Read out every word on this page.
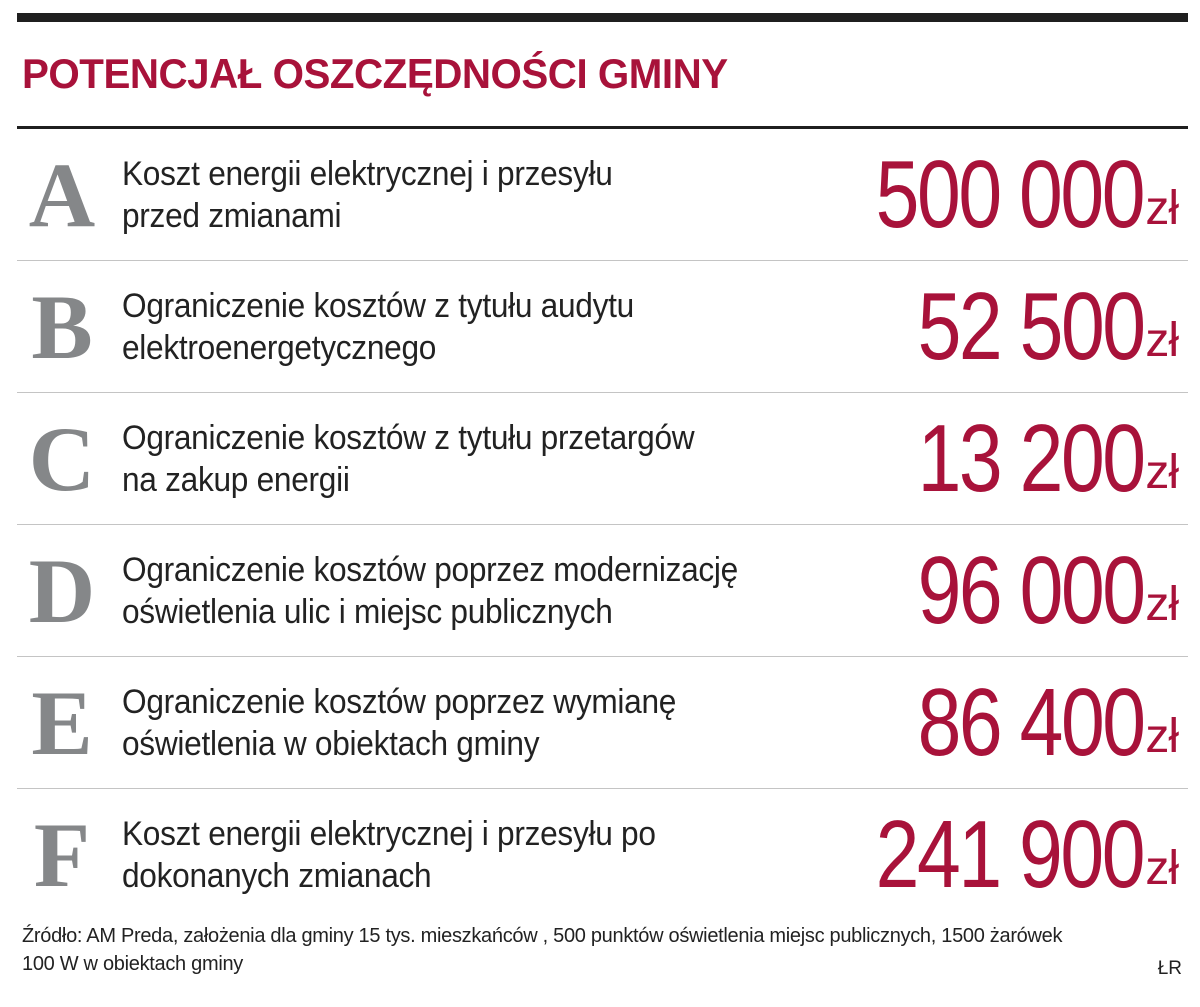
POTENCJAŁ OSZCZĘDNOŚCI GMINY
A Koszt energii elektrycznej i przesyłu
przed zmianami	500 000 zł
B Ograniczenie kosztów z tytułu audytu
elektroenergetycznego	52 500 zł
C Ograniczenie kosztów z tytułu przetargów
na zakup energii	13 200 zł
D Ograniczenie kosztów poprzez modernizację
oświetlenia ulic i miejsc publicznych	96 000 zł
E Ograniczenie kosztów poprzez wymianę
oświetlenia w obiektach gminy	86 400 zł
F Koszt energii elektrycznej i przesyłu po
dokonanych zmianach	241 900 zł

Źródło: AM Preda, założenia dla gminy 15 tys. mieszkańców , 500 punktów oświetlenia miejsc publicznych, 1500 żarówek 100 W w obiektach gminy	ŁR
